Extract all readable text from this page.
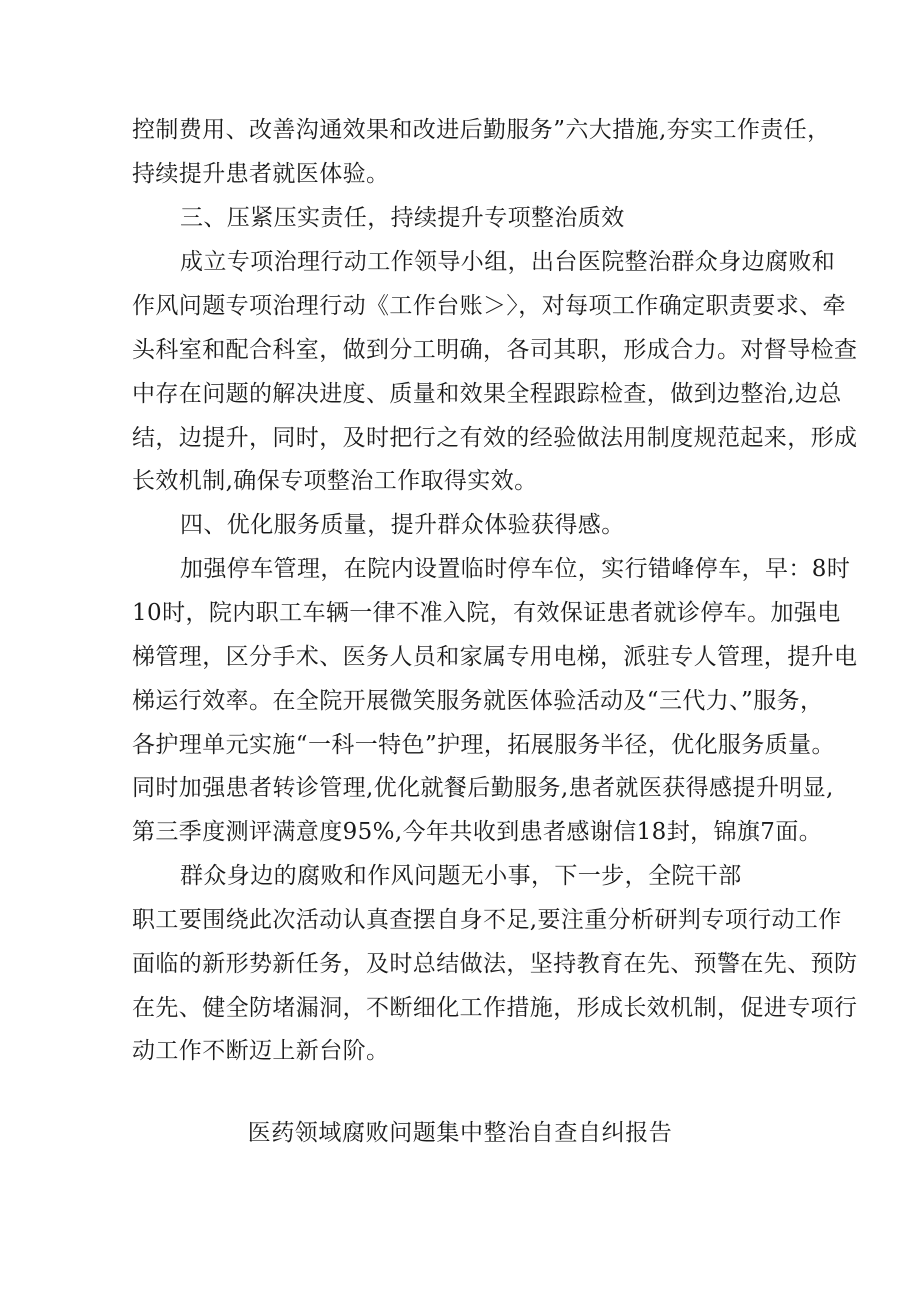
控制费用、改善沟通效果和改进后勤服务”六大措施,夯实工作责任，
持续提升患者就医体验。
三、压紧压实责任，持续提升专项整治质效
成立专项治理行动工作领导小组，出台医院整治群众身边腐败和
作风问题专项治理行动《工作台账＞〉，对每项工作确定职责要求、牵
头科室和配合科室，做到分工明确，各司其职，形成合力。对督导检查
中存在问题的解决进度、质量和效果全程跟踪检查，做到边整治,边总
结，边提升，同时，及时把行之有效的经验做法用制度规范起来，形成
长效机制,确保专项整治工作取得实效。
四、优化服务质量，提升群众体验获得感。
加强停车管理，在院内设置临时停车位，实行错峰停车，早：8时
10时，院内职工车辆一律不准入院，有效保证患者就诊停车。加强电
梯管理，区分手术、医务人员和家属专用电梯，派驻专人管理，提升电
梯运行效率。在全院开展微笑服务就医体验活动及“三代力、”服务，
各护理单元实施“一科一特色”护理，拓展服务半径，优化服务质量。
同时加强患者转诊管理,优化就餐后勤服务,患者就医获得感提升明显,
第三季度测评满意度95%,今年共收到患者感谢信18封，锦旗7面。
群众身边的腐败和作风问题无小事，下一步，全院干部
职工要围绕此次活动认真查摆自身不足,要注重分析研判专项行动工作
面临的新形势新任务，及时总结做法，坚持教育在先、预警在先、预防
在先、健全防堵漏洞，不断细化工作措施，形成长效机制，促进专项行
动工作不断迈上新台阶。
医药领域腐败问题集中整治自查自纠报告
